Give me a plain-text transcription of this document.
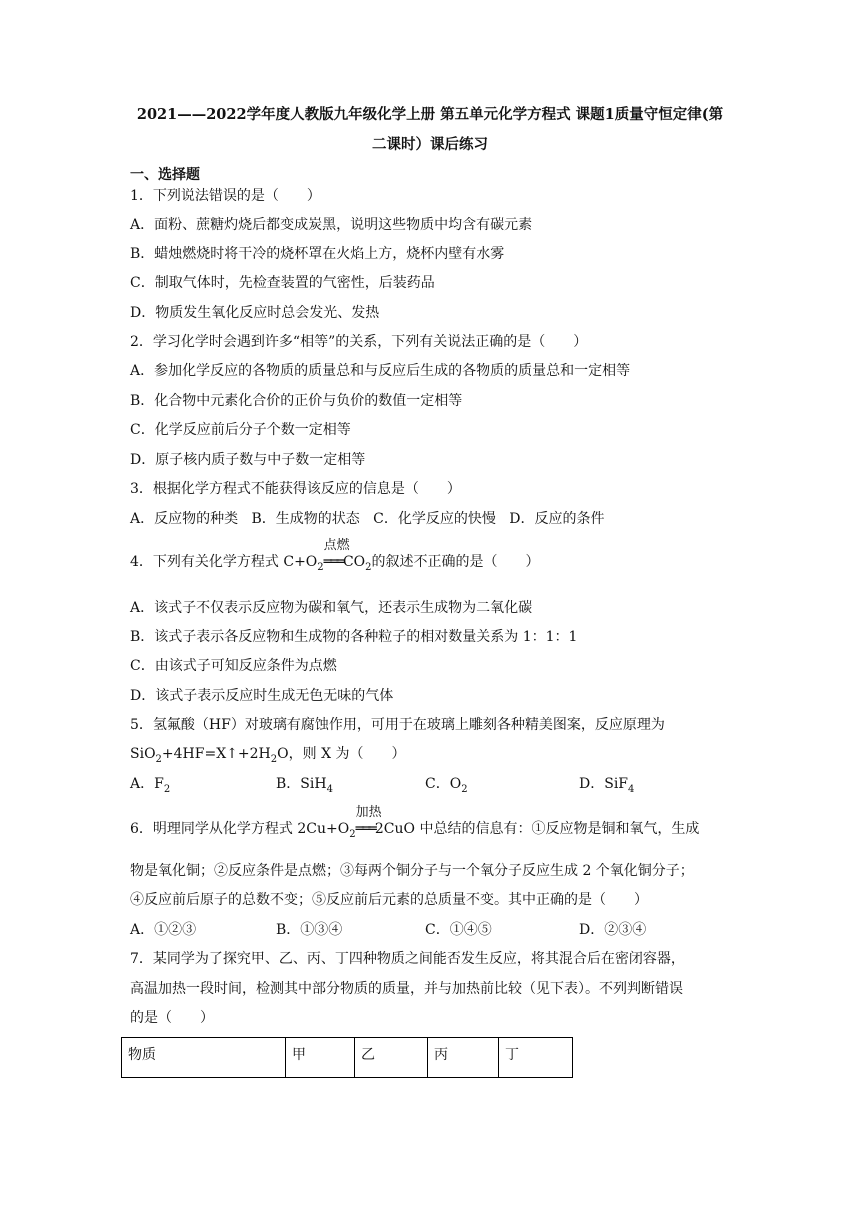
2021——2022学年度人教版九年级化学上册 第五单元化学方程式 课题1质量守恒定律(第
二课时）课后练习
一、选择题
1．下列说法错误的是（　　）
A．面粉、蔗糖灼烧后都变成炭黑，说明这些物质中均含有碳元素
B．蜡烛燃烧时将干冷的烧杯罩在火焰上方，烧杯内壁有水雾
C．制取气体时，先检查装置的气密性，后装药品
D．物质发生氧化反应时总会发光、发热
2．学习化学时会遇到许多“相等”的关系，下列有关说法正确的是（　　）
A．参加化学反应的各物质的质量总和与反应后生成的各物质的质量总和一定相等
B．化合物中元素化合价的正价与负价的数值一定相等
C．化学反应前后分子个数一定相等
D．原子核内质子数与中子数一定相等
3．根据化学方程式不能获得该反应的信息是（　　）
A．反应物的种类 B．生成物的状态 C．化学反应的快慢 D．反应的条件
4．下列有关化学方程式 $C+O_2$
点燃
$═══CO_2$的叙述不正确的是（　　）
A．该式子不仅表示反应物为碳和氧气，还表示生成物为二氧化碳
B．该式子表示各反应物和生成物的各种粒子的相对数量关系为 1：1：1
C．由该式子可知反应条件为点燃
D．该式子表示反应时生成无色无味的气体
5．氢氟酸（HF）对玻璃有腐蚀作用，可用于在玻璃上雕刻各种精美图案，反应原理为
$SiO_2+4HF=X↑+2H_2O$，则 X 为（　　）
A．$F_2$	B．SiH$_4$	C．$O_2$	D．SiF$_4$
6．明理同学从化学方程式 $2Cu+O_2$
加热
═══2CuO 中总结的信息有：①反应物是铜和氧气，生成
物是氧化铜；②反应条件是点燃；③每两个铜分子与一个氧分子反应生成 2 个氧化铜分子；
④反应前后原子的总数不变；⑤反应前后元素的总质量不变。其中正确的是（　　）
A．①②③	B．①③④	C．①④⑤	D．②③④
7．某同学为了探究甲、乙、丙、丁四种物质之间能否发生反应，将其混合后在密闭容器，
高温加热一段时间，检测其中部分物质的质量，并与加热前比较（见下表）。不列判断错误
的是（　　）
物质	甲	乙	丙	丁
